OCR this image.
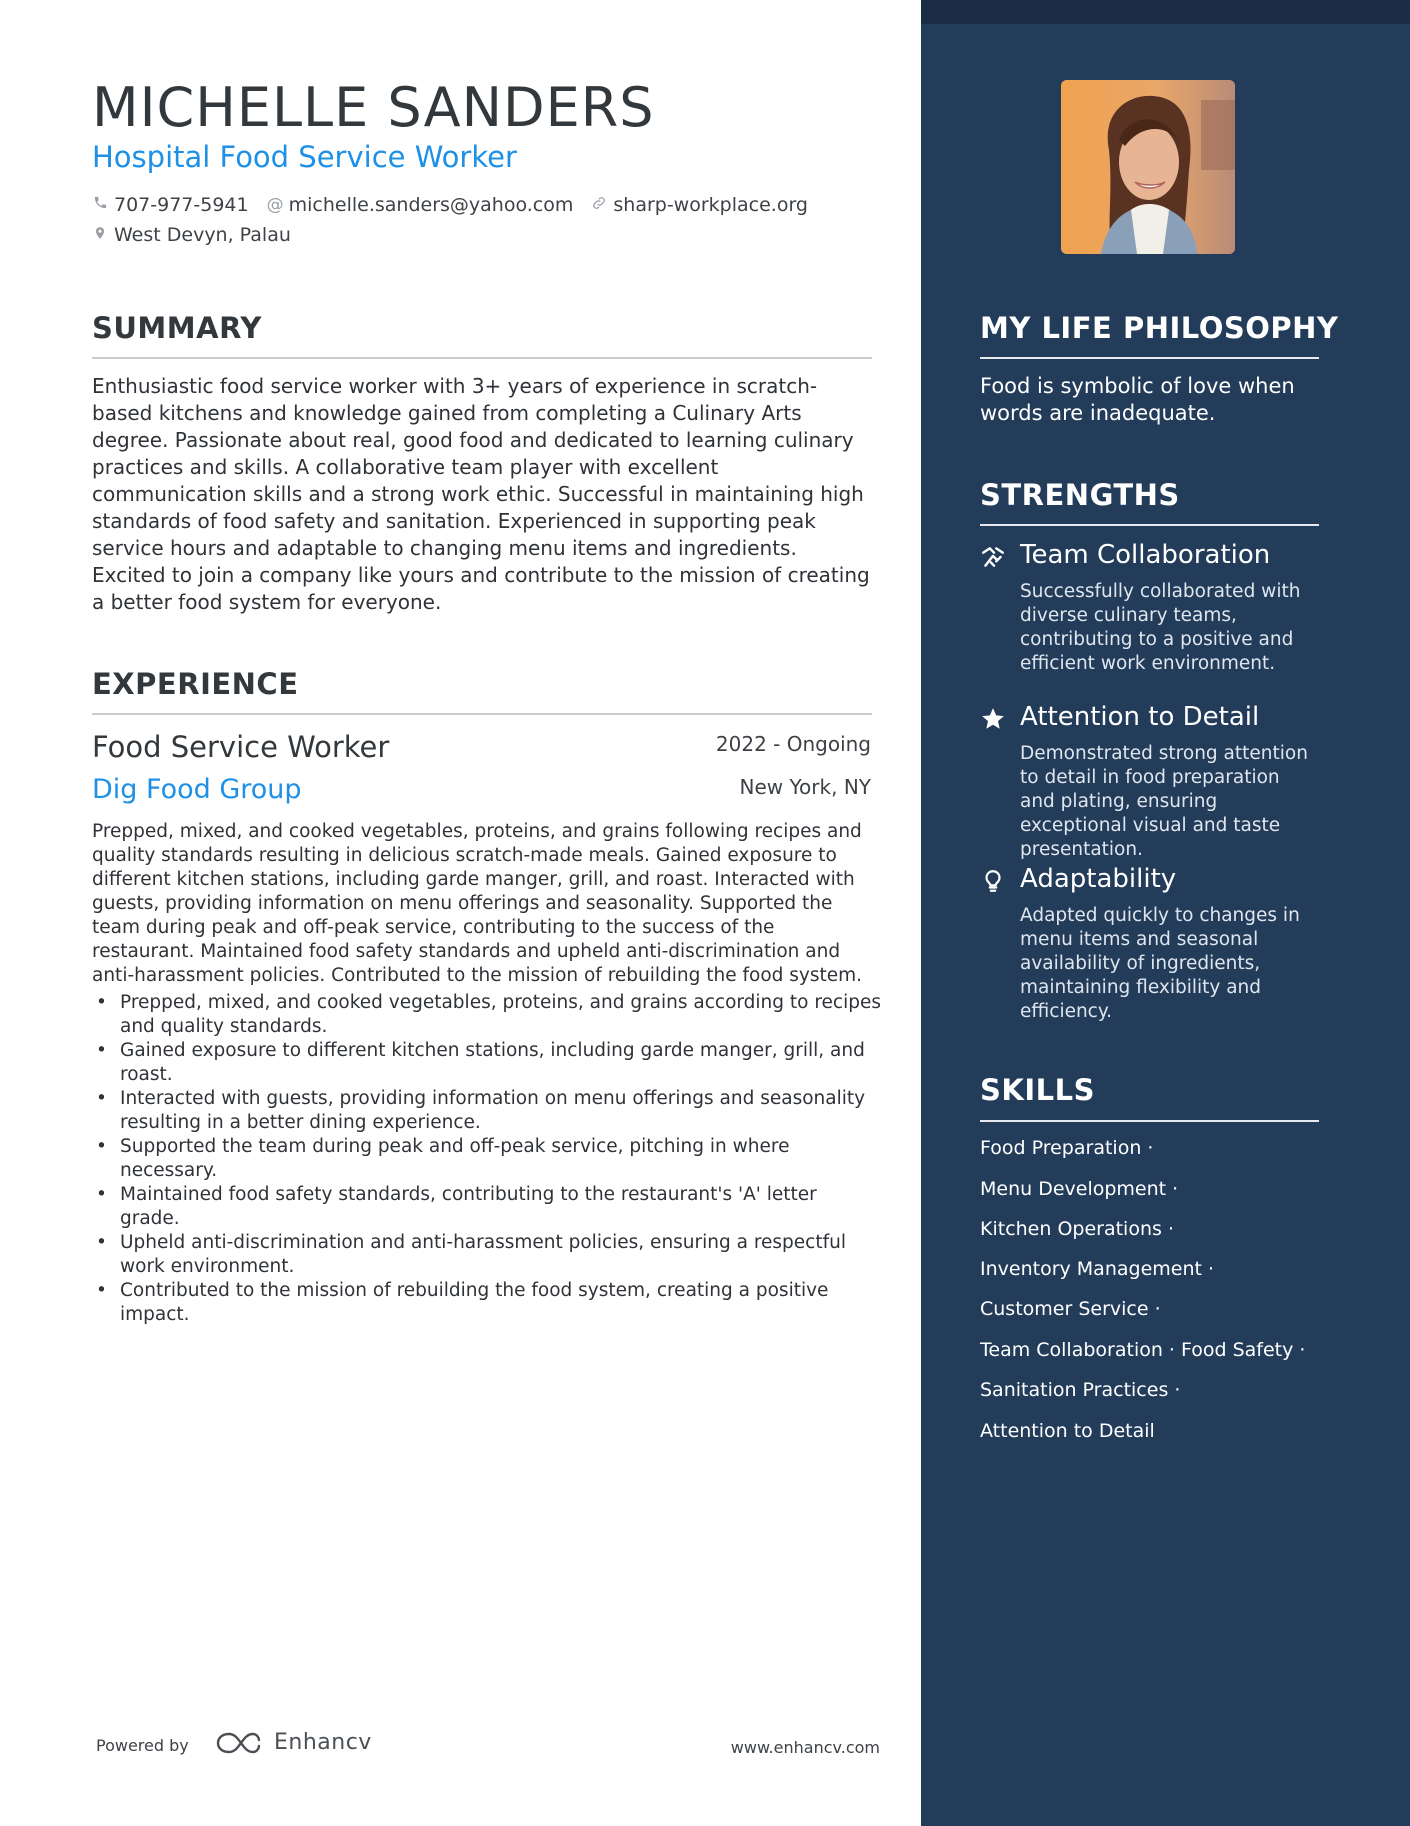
MICHELLE SANDERS
Hospital Food Service Worker
707-977-5941 @ michelle.sanders@yahoo.com sharp-workplace.org
West Devyn, Palau
SUMMARY

Enthusiastic food service worker with 3+ years of experience in scratch-based kitchens and knowledge gained from completing a Culinary Arts degree. Passionate about real, good food and dedicated to learning culinary practices and skills. A collaborative team player with excellent communication skills and a strong work ethic. Successful in maintaining high standards of food safety and sanitation. Experienced in supporting peak service hours and adaptable to changing menu items and ingredients. Excited to join a company like yours and contribute to the mission of creating a better food system for everyone.

EXPERIENCE
Food Service Worker	2022 - Ongoing
Dig Food Group	New York, NY

Prepped, mixed, and cooked vegetables, proteins, and grains following recipes and quality standards resulting in delicious scratch-made meals. Gained exposure to different kitchen stations, including garde manger, grill, and roast. Interacted with guests, providing information on menu offerings and seasonality. Supported the team during peak and off-peak service, contributing to the success of the restaurant. Maintained food safety standards and upheld anti-discrimination and anti-harassment policies. Contributed to the mission of rebuilding the food system.

• Prepped, mixed, and cooked vegetables, proteins, and grains according to recipes and quality standards.
• Gained exposure to different kitchen stations, including garde manger, grill, and roast.
• Interacted with guests, providing information on menu offerings and seasonality resulting in a better dining experience.
• Supported the team during peak and off-peak service, pitching in where necessary.
• Maintained food safety standards, contributing to the restaurant's 'A' letter grade.
• Upheld anti-discrimination and anti-harassment policies, ensuring a respectful work environment.
• Contributed to the mission of rebuilding the food system, creating a positive impact.
Powered by	Enhancv	www.enhancv.com
MY LIFE PHILOSOPHY

Food is symbolic of love when words are inadequate.

STRENGTHS
Team Collaboration
Successfully collaborated with diverse culinary teams, contributing to a positive and efficient work environment.
Attention to Detail
Demonstrated strong attention to detail in food preparation and plating, ensuring exceptional visual and taste presentation.
Adaptability
Adapted quickly to changes in menu items and seasonal availability of ingredients, maintaining flexibility and efficiency.
SKILLS
Food Preparation ·
Menu Development ·
Kitchen Operations ·
Inventory Management ·
Customer Service ·
Team Collaboration · Food Safety ·
Sanitation Practices ·
Attention to Detail
